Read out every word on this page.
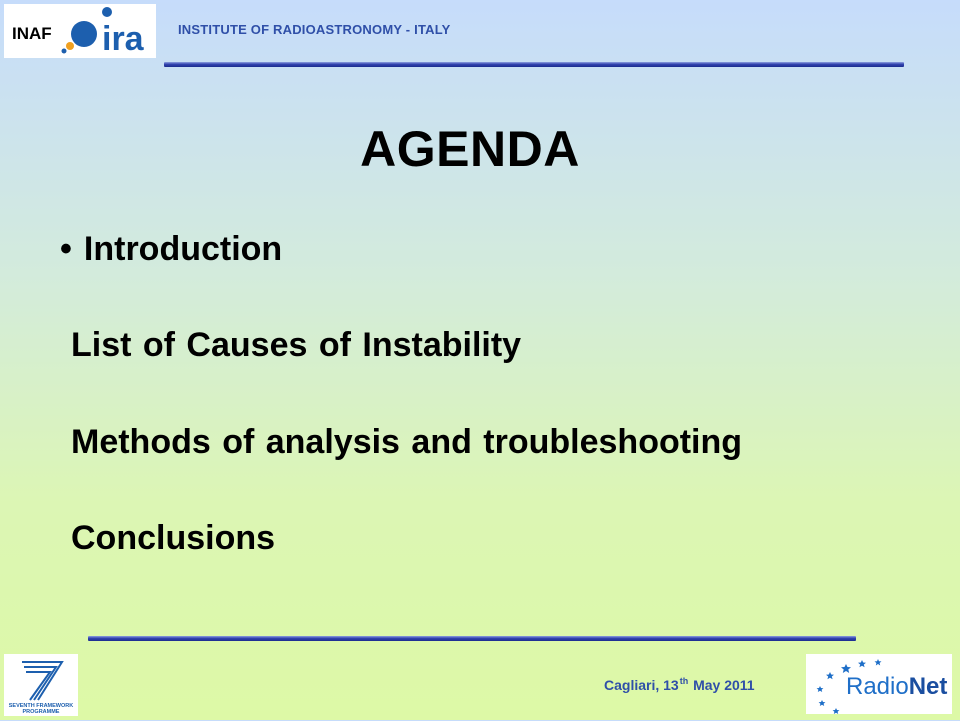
INAF ira	INSTITUTE OF RADIOASTRONOMY - ITALY
AGENDA
• Introduction
List of Causes of Instability
Methods of analysis and troubleshooting
Conclusions
SEVENTH FRAMEWORK
PROGRAMME
Cagliari, 13th May 2011	RadioNet
